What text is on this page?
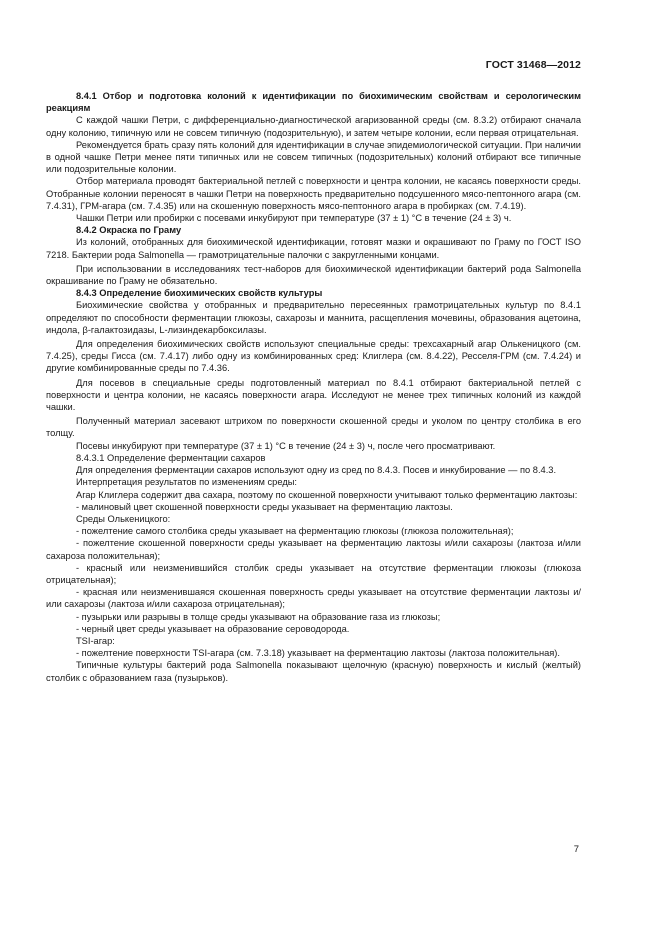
ГОСТ 31468—2012

8.4.1 Отбор и подготовка колоний к идентификации по биохимическим свойствам и серологическим реакциям

С каждой чашки Петри, с дифференциально-диагностической агаризованной среды (см. 8.3.2) отбирают сначала одну колонию, типичную или не совсем типичную (подозрительную), и затем четыре колонии, если первая отрицательная.

Рекомендуется брать сразу пять колоний для идентификации в случае эпидемиологической ситуации. При наличии в одной чашке Петри менее пяти типичных или не совсем типичных (подозрительных) колоний отбирают все типичные или подозрительные колонии.

Отбор материала проводят бактериальной петлей с поверхности и центра колонии, не касаясь поверхности среды. Отобранные колонии переносят в чашки Петри на поверхность предварительно подсушенного мясо-пептонного агара (см. 7.4.31), ГРМ-агара (см. 7.4.35) или на скошенную поверхность мясо-пептонного агара в пробирках (см. 7.4.19).

Чашки Петри или пробирки с посевами инкубируют при температуре (37 ± 1) °С в течение (24 ± 3) ч.

8.4.2 Окраска по Граму

Из колоний, отобранных для биохимической идентификации, готовят мазки и окрашивают по Граму по ГОСТ ISO 7218. Бактерии рода Salmonella — грамотрицательные палочки с закругленными концами.

При использовании в исследованиях тест-наборов для биохимической идентификации бактерий рода Salmonella окрашивание по Граму не обязательно.

8.4.3 Определение биохимических свойств культуры

Биохимические свойства у отобранных и предварительно пересеянных грамотрицательных культур по 8.4.1 определяют по способности ферментации глюкозы, сахарозы и маннита, расщепления мочевины, образования ацетоина, индола, β-галактозидазы, L-лизиндекарбоксилазы.

Для определения биохимических свойств используют специальные среды: трехсахарный агар Олькеницкого (см. 7.4.25), среды Гисса (см. 7.4.17) либо одну из комбинированных сред: Клиглера (см. 8.4.22), Ресселя-ГРМ (см. 7.4.24) и другие комбинированные среды по 7.4.36.

Для посевов в специальные среды подготовленный материал по 8.4.1 отбирают бактериальной петлей с поверхности и центра колонии, не касаясь поверхности агара. Исследуют не менее трех типичных колоний из каждой чашки.

Полученный материал засевают штрихом по поверхности скошенной среды и уколом по центру столбика в его толщу.

Посевы инкубируют при температуре (37 ± 1) °С в течение (24 ± 3) ч, после чего просматривают.

8.4.3.1 Определение ферментации сахаров

Для определения ферментации сахаров используют одну из сред по 8.4.3. Посев и инкубирование — по 8.4.3.

Интерпретация результатов по изменениям среды:

Агар Клиглера содержит два сахара, поэтому по скошенной поверхности учитывают только ферментацию лактозы:

- малиновый цвет скошенной поверхности среды указывает на ферментацию лактозы.

Среды Олькеницкого:

- пожелтение самого столбика среды указывает на ферментацию глюкозы (глюкоза положительная);

- пожелтение скошенной поверхности среды указывает на ферментацию лактозы и/или сахарозы (лактоза и/или сахароза положительная);

- красный или неизменившийся столбик среды указывает на отсутствие ферментации глюкозы (глюкоза отрицательная);

- красная или неизменившаяся скошенная поверхность среды указывает на отсутствие ферментации лактозы и/или сахарозы (лактоза и/или сахароза отрицательная);

- пузырьки или разрывы в толще среды указывают на образование газа из глюкозы;

- черный цвет среды указывает на образование сероводорода.

TSI-агар:

- пожелтение поверхности TSI-агара (см. 7.3.18) указывает на ферментацию лактозы (лактоза положительная).

Типичные культуры бактерий рода Salmonella показывают щелочную (красную) поверхность и кислый (желтый) столбик с образованием газа (пузырьков).

7
